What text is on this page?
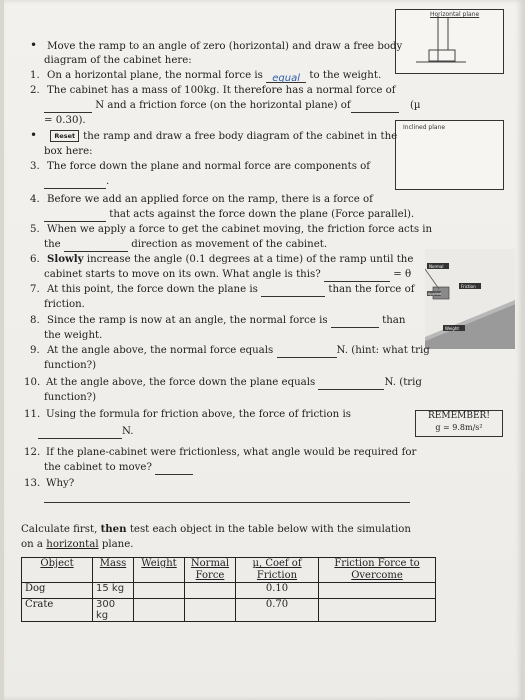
Horizontal plane
Inclined plane
• Move the ramp to an angle of zero (horizontal) and draw a free body
diagram of the cabinet here:
1. On a horizontal plane, the normal force is equal to the weight.
2. The cabinet has a mass of 100kg. It therefore has a normal force of
N and a friction force (on the horizontal plane) of	(µ
= 0.30).
• Reset the ramp and draw a free body diagram of the cabinet in the
box here:
3. The force down the plane and normal force are components of
.
4. Before we add an applied force on the ramp, there is a force of
that acts against the force down the plane (Force parallel).
5. When we apply a force to get the cabinet moving, the friction force acts in
the	direction as movement of the cabinet.
6. Slowly increase the angle (0.1 degrees at a time) of the ramp until the
cabinet starts to move on its own. What angle is this?	= θ
7. At this point, the force down the plane is	than the force of
friction.
Normal
Friction
Applied
Weight
8. Since the ramp is now at an angle, the normal force is	than
the weight.
9. At the angle above, the normal force equals	N. (hint: what trig
function?)
10. At the angle above, the force down the plane equals	N. (trig
function?)
11. Using the formula for friction above, the force of friction is
N.
REMEMBER!
g = 9.8m/s²
12. If the plane-cabinet were frictionless, what angle would be required for
the cabinet to move?
13. Why?
Calculate first, then test each object in the table below with the simulation
on a horizontal plane.
Object	Mass	Weight	Normal Force	µ, Coef of Friction	Friction Force to Overcome
Dog	15 kg			0.10	
Crate	300 kg			0.70	
